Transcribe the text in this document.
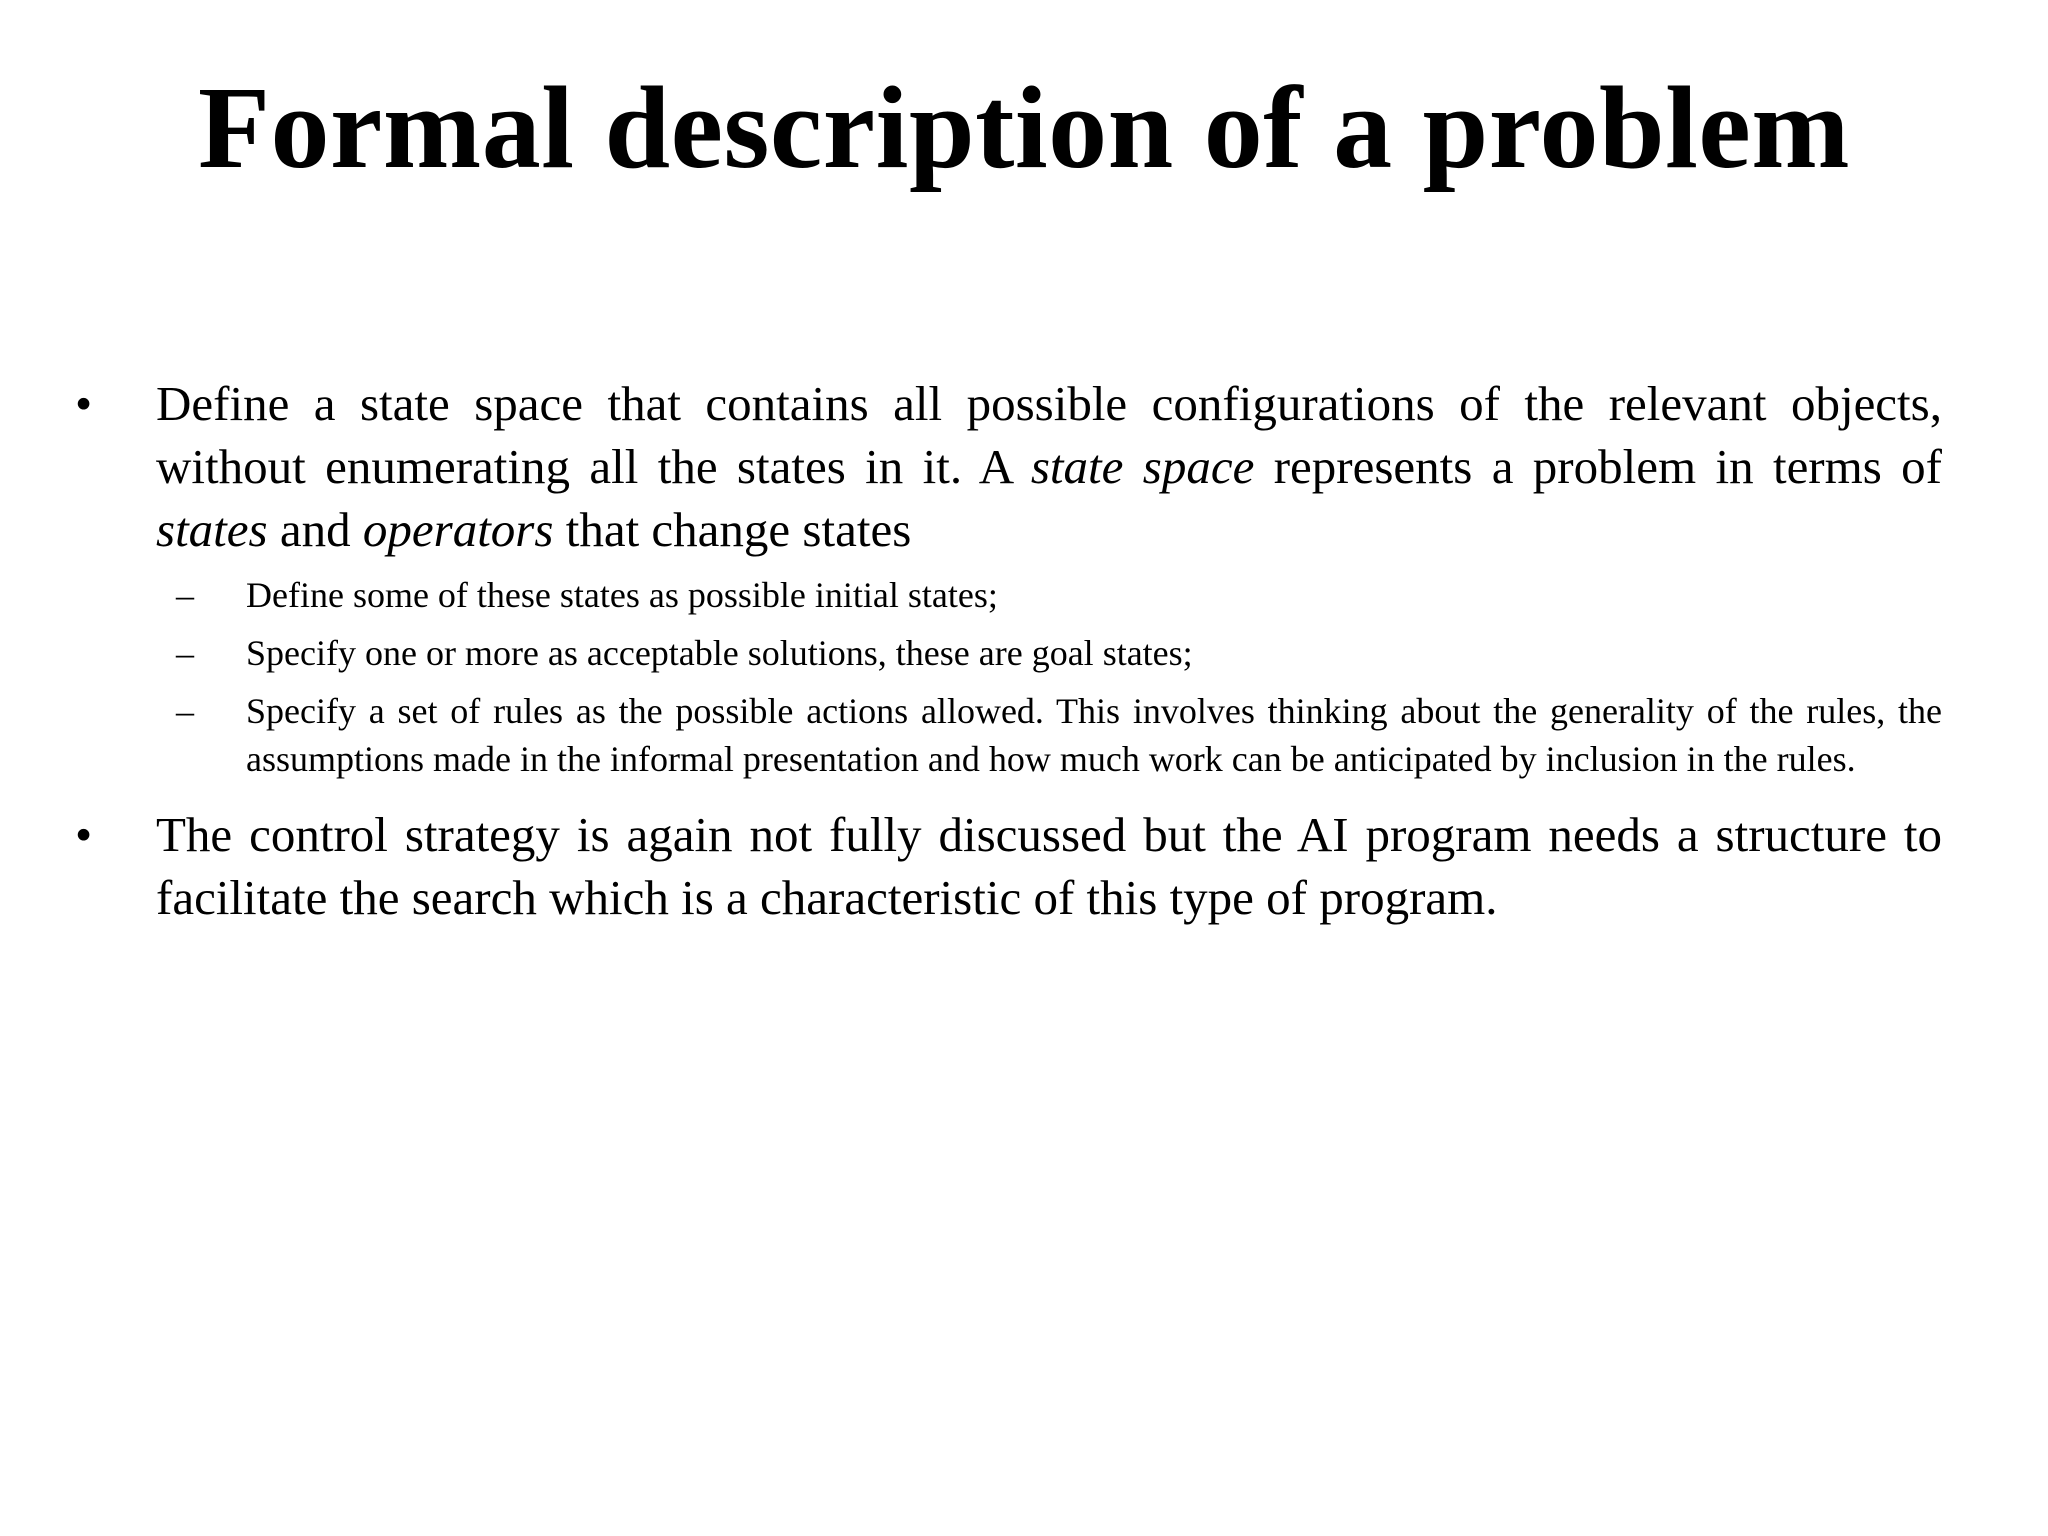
Formal description of a problem
• Define a state space that contains all possible configurations of the relevant objects, without enumerating all the states in it. A state space represents a problem in terms of states and operators that change states
– Define some of these states as possible initial states;
– Specify one or more as acceptable solutions, these are goal states;
– Specify a set of rules as the possible actions allowed. This involves thinking about the generality of the rules, the assumptions made in the informal presentation and how much work can be anticipated by inclusion in the rules.
• The control strategy is again not fully discussed but the AI program needs a structure to facilitate the search which is a characteristic of this type of program.
